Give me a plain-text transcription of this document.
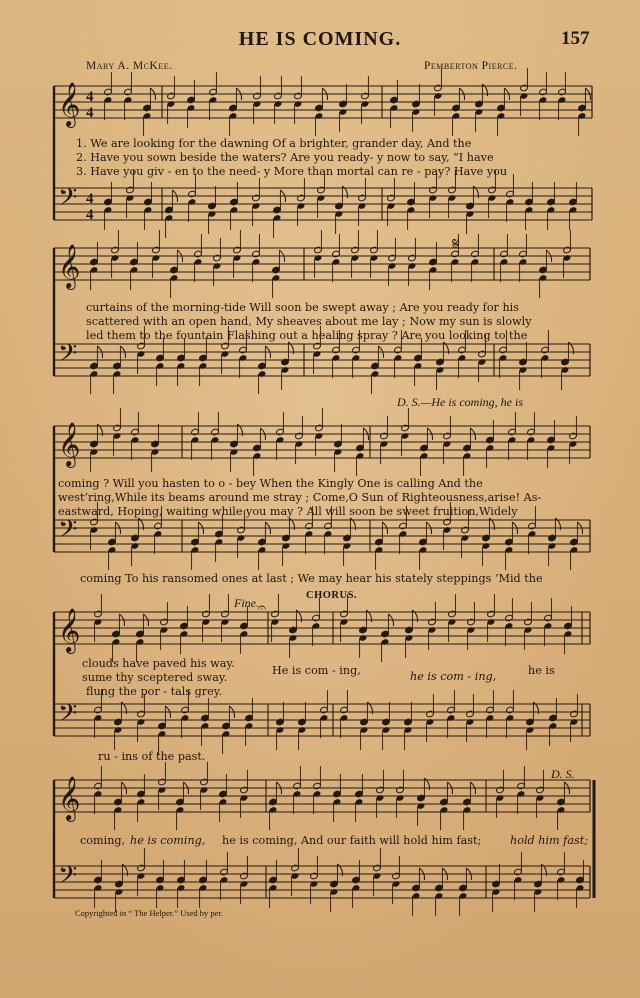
HE IS COMING.	157
Mary A. McKee.	Pemberton Pierce.
𝄞 4
4
𝄢 4
4
𝄞
𝄢
𝄞
𝄢
𝄞
𝄢
𝄞
𝄢
𝄋
𝄐
1. We are looking for the dawning Of a brighter, grander day, And the
2. Have you sown beside the waters? Are you ready- y now to say, “I have
3. Have you giv - en to the need- y More than mortal can re - pay? Have you
curtains of the morning-tide Will soon be swept away ; Are you ready for his
scattered with an open hand, My sheaves about me lay ; Now my sun is slowly
led them to the fountain Flashing out a healing spray ? Are you looking to the
D. S.—He is coming, he is
coming ? Will you hasten to o - bey When the Kingly One is calling And the
west’ring,While its beams around me stray ; Come,O Sun of Righteousness,arise! As-
eastward, Hoping, waiting while you may ? All will soon be sweet fruition,Widely
coming To his ransomed ones at last ; We may hear his stately steppings ’Mid the
Fine.
CHORUS.
clouds have paved his way.
sume thy sceptered sway.
flung the por - tals grey.
He is com - ing,	he is com - ing,	he is
ru - ins of the past.
D. S.
coming, he is coming, he is coming, And our faith will hold him fast;	hold him fast;
Copyrighted in “ The Helper.” Used by per.
